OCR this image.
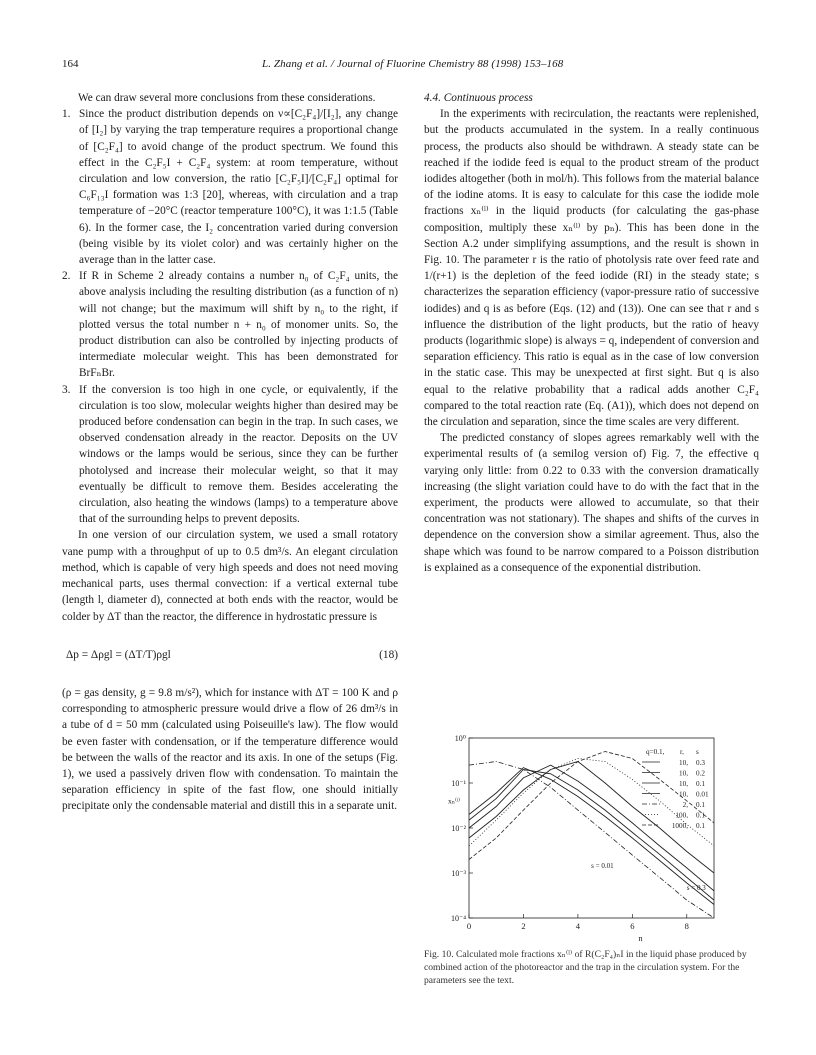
164	L. Zhang et al. / Journal of Fluorine Chemistry 88 (1998) 153–168

We can draw several more conclusions from these considerations.

1. Since the product distribution depends on ν∝[C₂F₄]/[I₂], any change of [I₂] by varying the trap temperature requires a proportional change of [C₂F₄] to avoid change of the product spectrum. We found this effect in the C₂F₅I + C₂F₄ system: at room temperature, without circulation and low conversion, the ratio [C₂F₅I]/[C₂F₄] optimal for C₆F₁₃I formation was 1:3 [20], whereas, with circulation and a trap temperature of −20°C (reactor temperature 100°C), it was 1:1.5 (Table 6). In the former case, the I₂ concentration varied during conversion (being visible by its violet color) and was certainly higher on the average than in the latter case.
2. If R in Scheme 2 already contains a number n₀ of C₂F₄ units, the above analysis including the resulting distribution (as a function of n) will not change; but the maximum will shift by n₀ to the right, if plotted versus the total number n + n₀ of monomer units. So, the product distribution can also be controlled by injecting products of intermediate molecular weight. This has been demonstrated for BrFₙBr.
3. If the conversion is too high in one cycle, or equivalently, if the circulation is too slow, molecular weights higher than desired may be produced before condensation can begin in the trap. In such cases, we observed condensation already in the reactor. Deposits on the UV windows or the lamps would be serious, since they can be further photolysed and increase their molecular weight, so that it may eventually be difficult to remove them. Besides accelerating the circulation, also heating the windows (lamps) to a temperature above that of the surrounding helps to prevent deposits.

In one version of our circulation system, we used a small rotatory vane pump with a throughput of up to 0.5 dm³/s. An elegant circulation method, which is capable of very high speeds and does not need moving mechanical parts, uses thermal convection: if a vertical external tube (length l, diameter d), connected at both ends with the reactor, would be colder by ΔT than the reactor, the difference in hydrostatic pressure is

Δp = Δρgl = (ΔT/T)ρgl	(18)

(ρ = gas density, g = 9.8 m/s²), which for instance with ΔT = 100 K and ρ corresponding to atmospheric pressure would drive a flow of 26 dm³/s in a tube of d = 50 mm (calculated using Poiseuille's law). The flow would be even faster with condensation, or if the temperature difference would be between the walls of the reactor and its axis. In one of the setups (Fig. 1), we used a passively driven flow with condensation. To maintain the separation efficiency in spite of the fast flow, one should initially precipitate only the condensable material and distill this in a separate unit.

4.4. Continuous process

In the experiments with recirculation, the reactants were replenished, but the products accumulated in the system. In a really continuous process, the products also should be withdrawn. A steady state can be reached if the iodide feed is equal to the product stream of the product iodides altogether (both in mol/h). This follows from the material balance of the iodine atoms. It is easy to calculate for this case the iodide mole fractions xₙ⁽ˡ⁾ in the liquid products (for calculating the gas-phase composition, multiply these xₙ⁽ˡ⁾ by pₙ). This has been done in the Section A.2 under simplifying assumptions, and the result is shown in Fig. 10. The parameter r is the ratio of photolysis rate over feed rate and 1/(r+1) is the depletion of the feed iodide (RI) in the steady state; s characterizes the separation efficiency (vapor-pressure ratio of successive iodides) and q is as before (Eqs. (12) and (13)). One can see that r and s influence the distribution of the light products, but the ratio of heavy products (logarithmic slope) is always = q, independent of conversion and separation efficiency. This ratio is equal as in the case of low conversion in the static case. This may be unexpected at first sight. But q is also equal to the relative probability that a radical adds another C₂F₄ compared to the total reaction rate (Eq. (A1)), which does not depend on the circulation and separation, since the time scales are very different.

The predicted constancy of slopes agrees remarkably well with the experimental results of (a semilog version of) Fig. 7, the effective q varying only little: from 0.22 to 0.33 with the conversion dramatically increasing (the slight variation could have to do with the fact that in the experiment, the products were allowed to accumulate, so that their concentration was not stationary). The shapes and shifts of the curves in dependence on the conversion show a similar agreement. Thus, also the shape which was found to be narrow compared to a Poisson distribution is explained as a consequence of the exponential distribution.

0	2	4	6	8
n
10⁰
10⁻¹
10⁻²
10⁻³
10⁻⁴
xₙ⁽ˡ⁾
q=0.1, r, s
10, 0.3
10, 0.2
10, 0.1
10, 0.01
2, 0.1
100, 0.1
1000, 0.1
s = 0.01
s = 0.3
Fig. 10. Calculated mole fractions xₙ⁽ˡ⁾ of R(C₂F₄)ₙI in the liquid phase produced by combined action of the photoreactor and the trap in the circulation system. For the parameters see the text.
